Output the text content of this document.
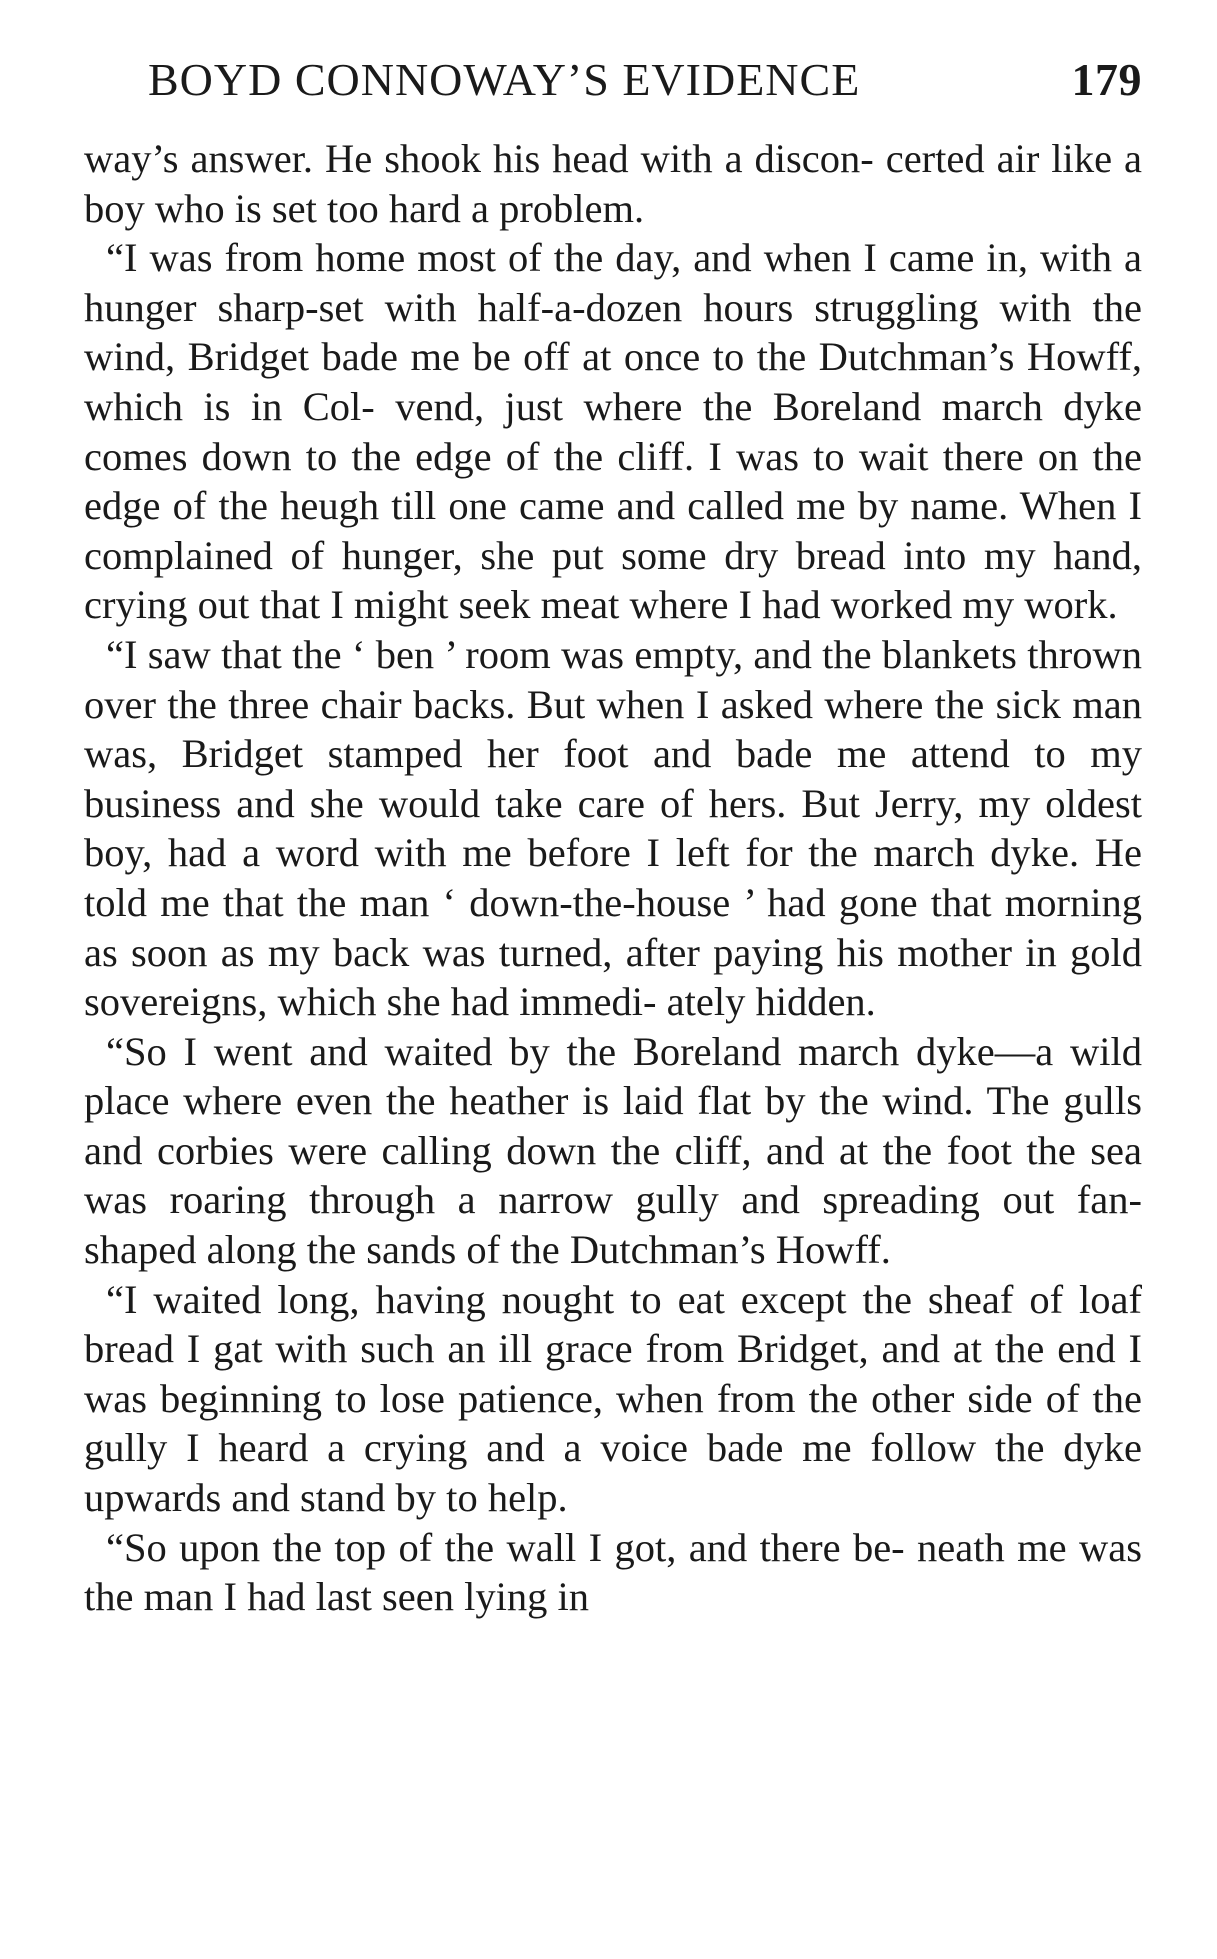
BOYD CONNOWAY’S EVIDENCE	179

way’s answer. He shook his head with a discon- certed air like a boy who is set too hard a problem.

“I was from home most of the day, and when I came in, with a hunger sharp-set with half-a-dozen hours struggling with the wind, Bridget bade me be off at once to the Dutchman’s Howff, which is in Col- vend, just where the Boreland march dyke comes down to the edge of the cliff. I was to wait there on the edge of the heugh till one came and called me by name. When I complained of hunger, she put some dry bread into my hand, crying out that I might seek meat where I had worked my work.

“I saw that the ‘ ben ’ room was empty, and the blankets thrown over the three chair backs. But when I asked where the sick man was, Bridget stamped her foot and bade me attend to my business and she would take care of hers. But Jerry, my oldest boy, had a word with me before I left for the march dyke. He told me that the man ‘ down-the-house ’ had gone that morning as soon as my back was turned, after paying his mother in gold sovereigns, which she had immedi- ately hidden.

“So I went and waited by the Boreland march dyke—a wild place where even the heather is laid flat by the wind. The gulls and corbies were calling down the cliff, and at the foot the sea was roaring through a narrow gully and spreading out fan-shaped along the sands of the Dutchman’s Howff.

“I waited long, having nought to eat except the sheaf of loaf bread I gat with such an ill grace from Bridget, and at the end I was beginning to lose patience, when from the other side of the gully I heard a crying and a voice bade me follow the dyke upwards and stand by to help.

“So upon the top of the wall I got, and there be- neath me was the man I had last seen lying in
